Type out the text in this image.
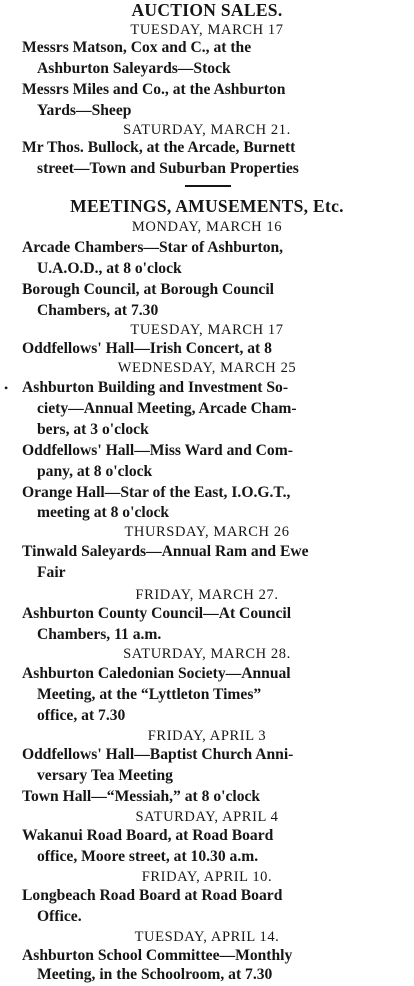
AUCTION SALES.
TUESDAY, MARCH 17
Messrs Matson, Cox and C., at the
Ashburton Saleyards—Stock
Messrs Miles and Co., at the Ashburton
Yards—Sheep
SATURDAY, MARCH 21.
Mr Thos. Bullock, at the Arcade, Burnett
street—Town and Suburban Properties
MEETINGS, AMUSEMENTS, Etc.
MONDAY, MARCH 16
Arcade Chambers—Star of Ashburton,
U.A.O.D., at 8 o'clock
Borough Council, at Borough Council
Chambers, at 7.30
TUESDAY, MARCH 17
Oddfellows' Hall—Irish Concert, at 8
WEDNESDAY, MARCH 25
• Ashburton Building and Investment So-
ciety—Annual Meeting, Arcade Cham-
bers, at 3 o'clock
Oddfellows' Hall—Miss Ward and Com-
pany, at 8 o'clock
Orange Hall—Star of the East, I.O.G.T.,
meeting at 8 o'clock
THURSDAY, MARCH 26
Tinwald Saleyards—Annual Ram and Ewe
Fair
FRIDAY, MARCH 27.
Ashburton County Council—At Council
Chambers, 11 a.m.
SATURDAY, MARCH 28.
Ashburton Caledonian Society—Annual
Meeting, at the “Lyttleton Times”
office, at 7.30
FRIDAY, APRIL 3
Oddfellows' Hall—Baptist Church Anni-
versary Tea Meeting
Town Hall—“Messiah,” at 8 o'clock
SATURDAY, APRIL 4
Wakanui Road Board, at Road Board
office, Moore street, at 10.30 a.m.
FRIDAY, APRIL 10.
Longbeach Road Board at Road Board
Office.
TUESDAY, APRIL 14.
Ashburton School Committee—Monthly
Meeting, in the Schoolroom, at 7.30
